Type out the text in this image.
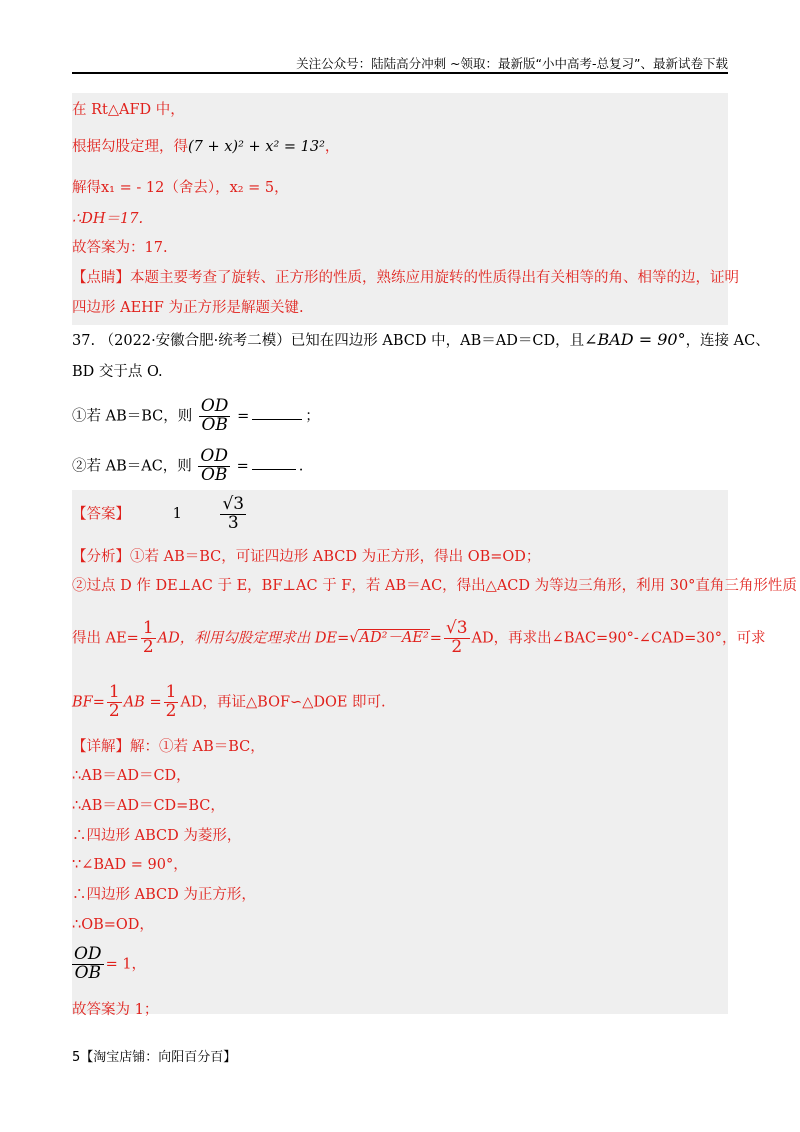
关注公众号：陆陆高分冲刺 ~领取：最新版“小中高考-总复习”、最新试卷下载
在 Rt△AFD 中，
根据勾股定理，得(7 + x)² + x² = 13²，
解得x₁ = - 12（舍去），x₂ = 5，
∴DH＝17.
故答案为：17.
【点睛】本题主要考查了旋转、正方形的性质，熟练应用旋转的性质得出有关相等的角、相等的边，证明
四边形 AEHF 为正方形是解题关键.
37. （2022·安徽合肥·统考二模）已知在四边形 ABCD 中，AB＝AD＝CD，且∠BAD = 90°，连接 AC、
BD 交于点 O.
①若 AB＝BC，则 $\frac{OD}{OB}$ =	；
②若 AB＝AC，则 $\frac{OD}{OB}$ =	.
【答案】	$1 \frac{√3}{3}$
【分析】①若 AB＝BC，可证四边形 ABCD 为正方形，得出 OB=OD；
②过点 D 作 DE⊥AC 于 E，BF⊥AC 于 F，若 AB＝AC，得出△ACD 为等边三角形，利用 30°直角三角形性质
得出 $AE= \frac{1}{2}$ AD，利用勾股定理求出 $DE=√AD^2-AE^2= \frac{√3}{2}$ AD，再求出∠BAC=90°-∠CAD=30°，可求
$BF= \frac{1}{2}$ AB = $\frac{1}{2}$ AD，再证△BOF∽△DOE 即可.
【详解】解：①若 AB＝BC，
∴AB＝AD＝CD，
∴AB＝AD＝CD=BC，
∴四边形 ABCD 为菱形，
∵∠BAD = 90°，
∴四边形 ABCD 为正方形，
∴OB=OD，
$\frac{OD}{OB} = 1$，
故答案为 1；
5【淘宝店铺：向阳百分百】
